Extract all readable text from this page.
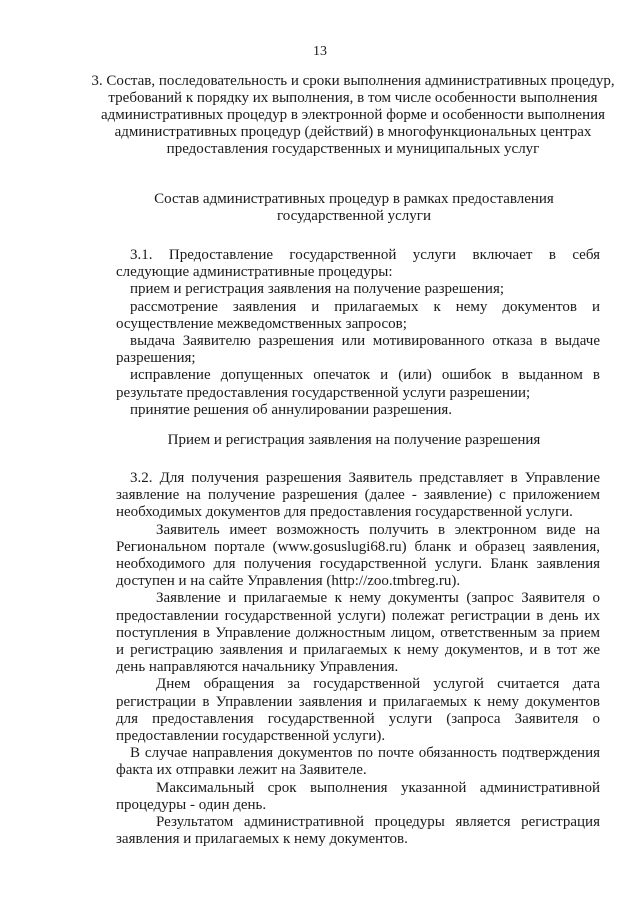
13

3. Состав, последовательность и сроки выполнения административных процедур, требований к порядку их выполнения, в том числе особенности выполнения административных процедур в электронной форме и особенности выполнения административных процедур (действий) в многофункциональных центрах предоставления государственных и муниципальных услуг

Состав административных процедур в рамках предоставления государственной услуги

3.1. Предоставление государственной услуги включает в себя следующие административные процедуры:

прием и регистрация заявления на получение разрешения;

рассмотрение заявления и прилагаемых к нему документов и осуществление межведомственных запросов;

выдача Заявителю разрешения или мотивированного отказа в выдаче разрешения;

исправление допущенных опечаток и (или) ошибок в выданном в результате предоставления государственной услуги разрешении;

принятие решения об аннулировании разрешения.

Прием и регистрация заявления на получение разрешения

3.2. Для получения разрешения Заявитель представляет в Управление заявление на получение разрешения (далее - заявление) с приложением необходимых документов для предоставления государственной услуги.

Заявитель имеет возможность получить в электронном виде на Региональном портале (www.gosuslugi68.ru) бланк и образец заявления, необходимого для получения государственной услуги. Бланк заявления доступен и на сайте Управления (http://zoo.tmbreg.ru).

Заявление и прилагаемые к нему документы (запрос Заявителя о предоставлении государственной услуги) полежат регистрации в день их поступления в Управление должностным лицом, ответственным за прием и регистрацию заявления и прилагаемых к нему документов, и в тот же день направляются начальнику Управления.

Днем обращения за государственной услугой считается дата регистрации в Управлении заявления и прилагаемых к нему документов для предоставления государственной услуги (запроса Заявителя о предоставлении государственной услуги).

В случае направления документов по почте обязанность подтверждения факта их отправки лежит на Заявителе.

Максимальный срок выполнения указанной административной процедуры - один день.

Результатом административной процедуры является регистрация заявления и прилагаемых к нему документов.
